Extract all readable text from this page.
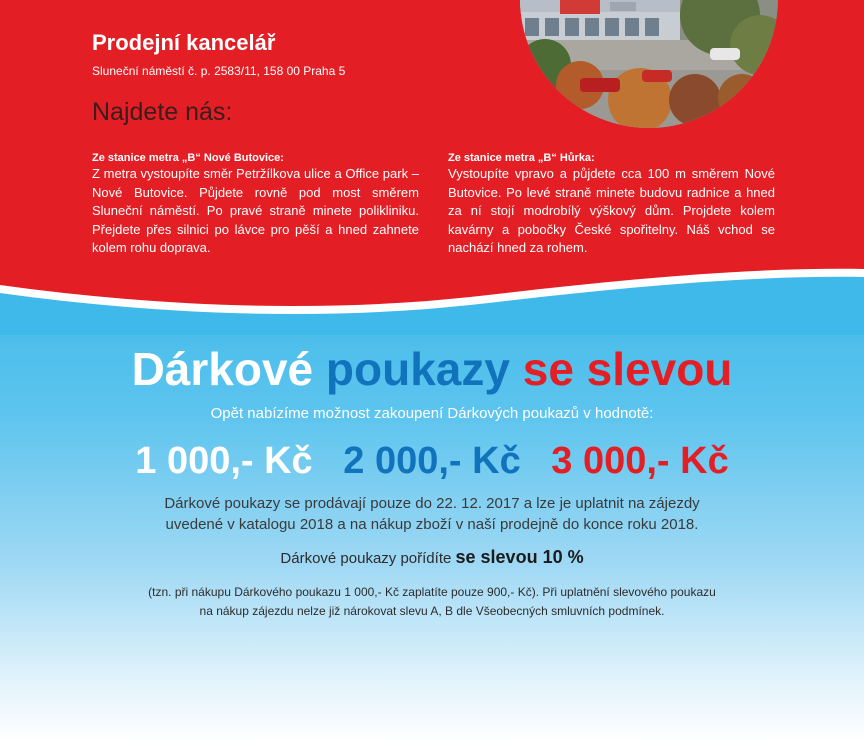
Prodejní kancelář
Sluneční náměstí č. p. 2583/11, 158 00 Praha 5
Najdete nás:
Ze stanice metra „B“ Nové Butovice:
Z metra vystoupíte směr Petržílkova ulice a Office park – Nové Butovice. Půjdete rovně pod most směrem Sluneční náměstí. Po pravé straně minete polikliniku. Přejdete přes silnici po lávce pro pěší a hned zahnete kolem rohu doprava.
Ze stanice metra „B“ Hůrka:
Vystoupíte vpravo a půjdete cca 100 m směrem Nové Butovice. Po levé straně minete budovu radnice a hned za ní stojí modrobílý výškový dům. Projdete kolem kavárny a pobočky České spořitelny. Náš vchod se nachází hned za rohem.
Dárkové poukazy se slevou
Opět nabízíme možnost zakoupení Dárkových poukazů v hodnotě:
1 000,- Kč 2 000,- Kč 3 000,- Kč
Dárkové poukazy se prodávají pouze do 22. 12. 2017 a lze je uplatnit na zájezdy
uvedené v katalogu 2018 a na nákup zboží v naší prodejně do konce roku 2018.
Dárkové poukazy pořídíte se slevou 10 %
(tzn. při nákupu Dárkového poukazu 1 000,- Kč zaplatíte pouze 900,- Kč). Při uplatnění slevového poukazu
na nákup zájezdu nelze již nárokovat slevu A, B dle Všeobecných smluvních podmínek.
